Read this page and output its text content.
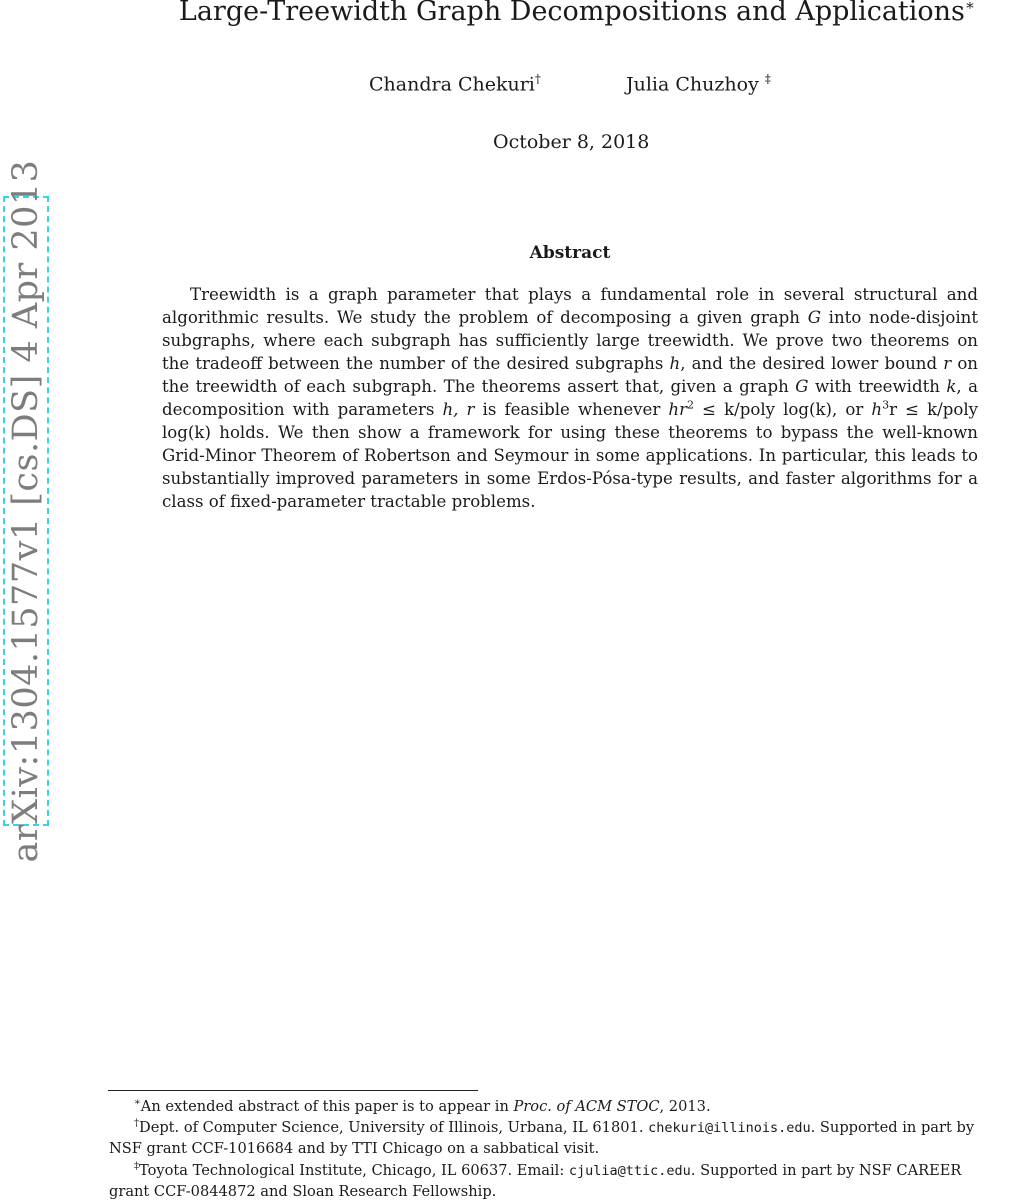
Large-Treewidth Graph Decompositions and Applications∗
Chandra Chekuri†	Julia Chuzhoy ‡
October 8, 2018
Abstract

Treewidth is a graph parameter that plays a fundamental role in several structural and algorithmic results. We study the problem of decomposing a given graph G into node-disjoint subgraphs, where each subgraph has sufficiently large treewidth. We prove two theorems on the tradeoff between the number of the desired subgraphs h, and the desired lower bound r on the treewidth of each subgraph. The theorems assert that, given a graph G with treewidth k, a decomposition with parameters h, r is feasible whenever $hr^2$ ≤ k/poly log(k), or $h^3r$ ≤ k/poly log(k) holds. We then show a framework for using these theorems to bypass the well-known Grid-Minor Theorem of Robertson and Seymour in some applications. In particular, this leads to substantially improved parameters in some Erdos-Pósa-type results, and faster algorithms for a class of fixed-parameter tractable problems.

arXiv:1304.1577v1 [cs.DS] 4 Apr 2013
∗An extended abstract of this paper is to appear in Proc. of ACM STOC, 2013.
†Dept. of Computer Science, University of Illinois, Urbana, IL 61801. chekuri@illinois.edu. Supported in part by
NSF grant CCF-1016684 and by TTI Chicago on a sabbatical visit.
‡Toyota Technological Institute, Chicago, IL 60637. Email: cjulia@ttic.edu. Supported in part by NSF CAREER
grant CCF-0844872 and Sloan Research Fellowship.
